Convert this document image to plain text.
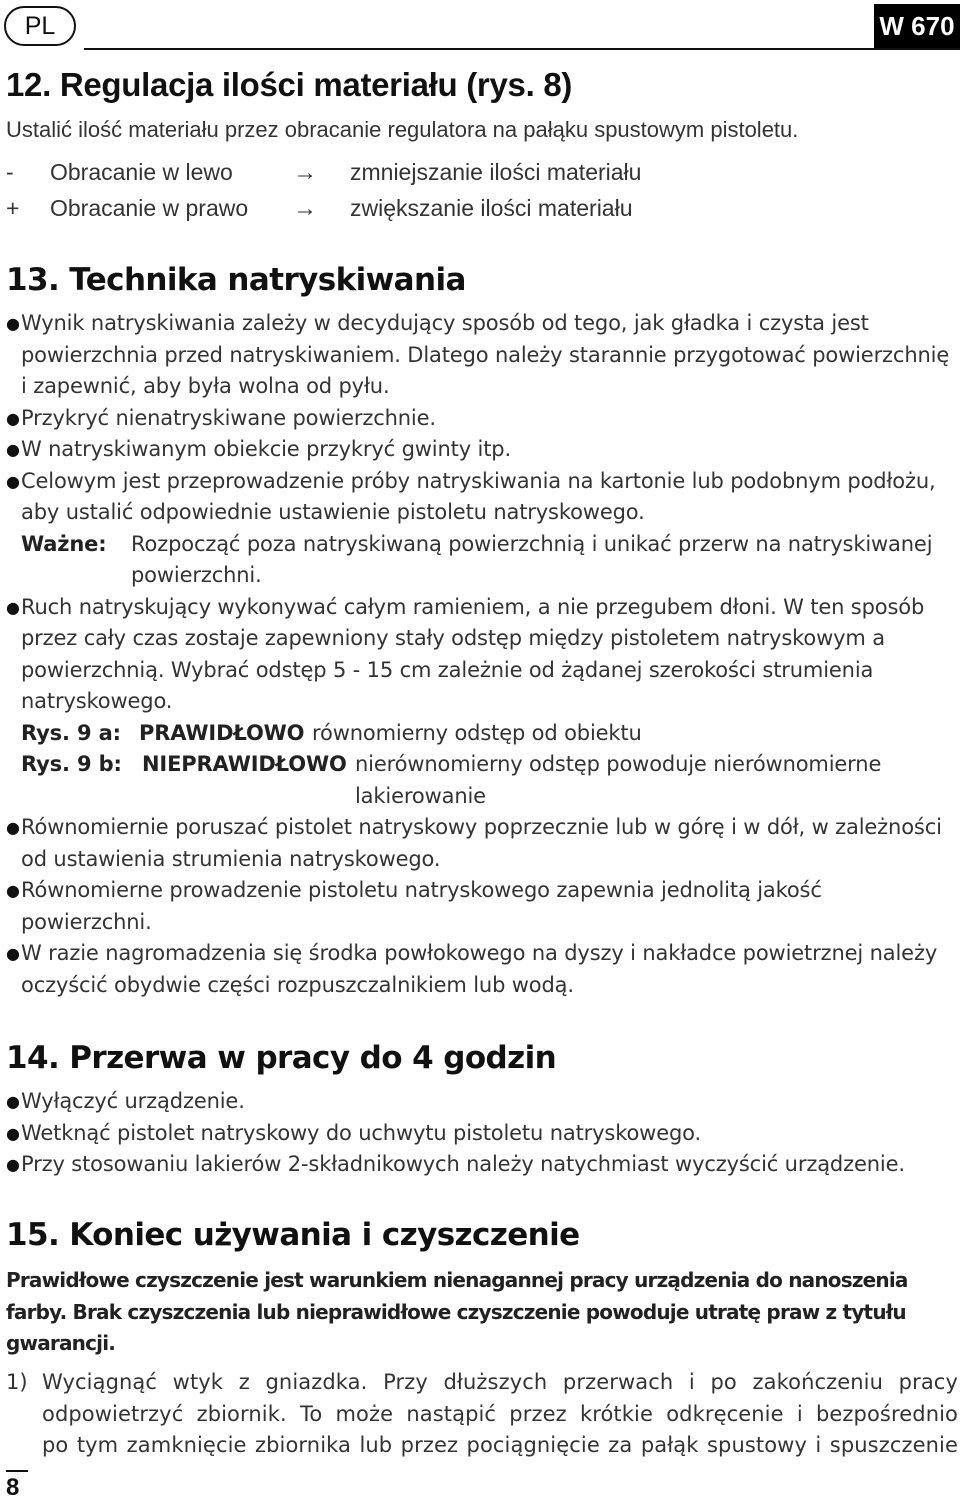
PL	W 670
12. Regulacja ilości materiału (rys. 8)
Ustalić ilość materiału przez obracanie regulatora na pałąku spustowym pistoletu.
-	Obracanie w lewo	→ zmniejszanie ilości materiału
+ Obracanie w prawo → zwiększanie ilości materiału
13. Technika natryskiwania
● Wynik natryskiwania zależy w decydujący sposób od tego, jak gładka i czysta jest powierzchnia przed natryskiwaniem. Dlatego należy starannie przygotować powierzchnię i zapewnić, aby była wolna od pyłu.
● Przykryć nienatryskiwane powierzchnie.
● W natryskiwanym obiekcie przykryć gwinty itp.
● Celowym jest przeprowadzenie próby natryskiwania na kartonie lub podobnym podłożu, aby ustalić odpowiednie ustawienie pistoletu natryskowego.
Ważne:	Rozpocząć poza natryskiwaną powierzchnią i unikać przerw na natryskiwanej powierzchni.
● Ruch natryskujący wykonywać całym ramieniem, a nie przegubem dłoni. W ten sposób przez cały czas zostaje zapewniony stały odstęp między pistoletem natryskowym a powierzchnią. Wybrać odstęp 5 - 15 cm zależnie od żądanej szerokości strumienia natryskowego.
Rys. 9 a: PRAWIDŁOWO równomierny odstęp od obiektu
Rys. 9 b: NIEPRAWIDŁOWO nierównomierny odstęp powoduje nierównomierne
lakierowanie
● Równomiernie poruszać pistolet natryskowy poprzecznie lub w górę i w dół, w zależności od ustawienia strumienia natryskowego.
● Równomierne prowadzenie pistoletu natryskowego zapewnia jednolitą jakość powierzchni.
● W razie nagromadzenia się środka powłokowego na dyszy i nakładce powietrznej należy oczyścić obydwie części rozpuszczalnikiem lub wodą.
14. Przerwa w pracy do 4 godzin
● Wyłączyć urządzenie.
● Wetknąć pistolet natryskowy do uchwytu pistoletu natryskowego.
● Przy stosowaniu lakierów 2-składnikowych należy natychmiast wyczyścić urządzenie.
15. Koniec używania i czyszczenie
Prawidłowe czyszczenie jest warunkiem nienagannej pracy urządzenia do nanoszenia farby. Brak czyszczenia lub nieprawidłowe czyszczenie powoduje utratę praw z tytułu gwarancji.
1) Wyciągnąć wtyk z gniazdka. Przy dłuższych przerwach i po zakończeniu pracy
odpowietrzyć zbiornik. To może nastąpić przez krótkie odkręcenie i bezpośrednio
po tym zamknięcie zbiornika lub przez pociągnięcie za pałąk spustowy i spuszczenie
8
